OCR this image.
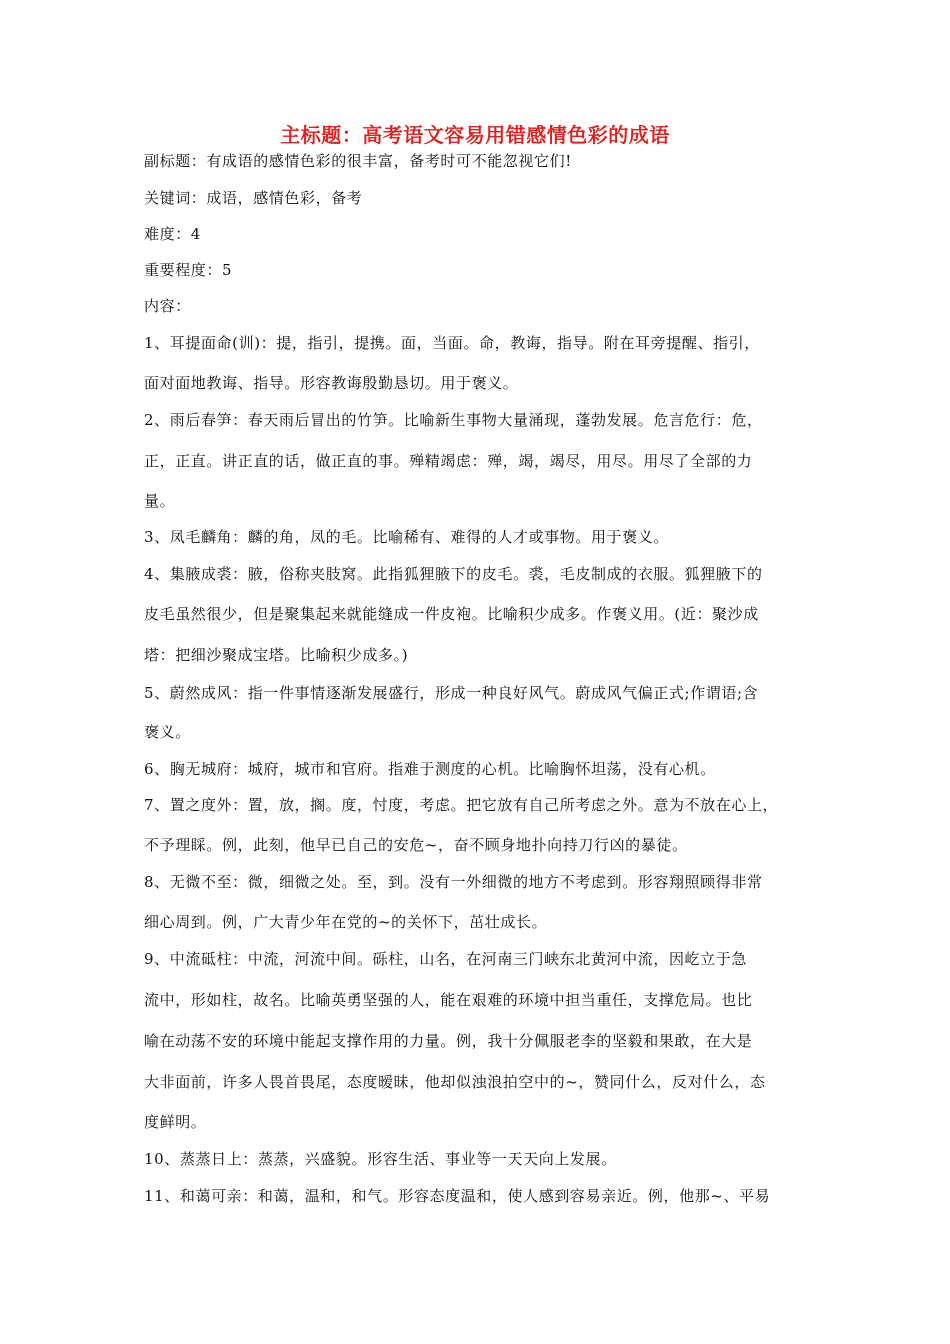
主标题：高考语文容易用错感情色彩的成语
副标题：有成语的感情色彩的很丰富，备考时可不能忽视它们!
关键词：成语，感情色彩，备考
难度：4
重要程度：5
内容：
1、耳提面命(训)：提，指引，提携。面，当面。命，教诲，指导。附在耳旁提醒、指引，
面对面地教诲、指导。形容教诲殷勤恳切。用于褒义。
2、雨后春笋：春天雨后冒出的竹笋。比喻新生事物大量涌现，蓬勃发展。危言危行：危，
正，正直。讲正直的话，做正直的事。殚精竭虑：殚，竭，竭尽，用尽。用尽了全部的力
量。
3、凤毛麟角：麟的角，凤的毛。比喻稀有、难得的人才或事物。用于褒义。
4、集腋成裘：腋，俗称夹肢窝。此指狐狸腋下的皮毛。裘，毛皮制成的衣服。狐狸腋下的
皮毛虽然很少，但是聚集起来就能缝成一件皮袍。比喻积少成多。作褒义用。(近：聚沙成
塔：把细沙聚成宝塔。比喻积少成多。)
5、蔚然成风：指一件事情逐渐发展盛行，形成一种良好风气。蔚成风气偏正式;作谓语;含
褒义。
6、胸无城府：城府，城市和官府。指难于测度的心机。比喻胸怀坦荡，没有心机。
7、置之度外：置，放，搁。度，忖度，考虑。把它放有自己所考虑之外。意为不放在心上，
不予理睬。例，此刻，他早已自己的安危~，奋不顾身地扑向持刀行凶的暴徒。
8、无微不至：微，细微之处。至，到。没有一外细微的地方不考虑到。形容翔照顾得非常
细心周到。例，广大青少年在党的~的关怀下，茁壮成长。
9、中流砥柱：中流，河流中间。砾柱，山名，在河南三门峡东北黄河中流，因屹立于急
流中，形如柱，故名。比喻英勇坚强的人，能在艰难的环境中担当重任，支撑危局。也比
喻在动荡不安的环境中能起支撑作用的力量。例，我十分佩服老李的坚毅和果敢，在大是
大非面前，许多人畏首畏尾，态度暧昧，他却似浊浪拍空中的~，赞同什么，反对什么，态
度鲜明。
10、蒸蒸日上：蒸蒸，兴盛貌。形容生活、事业等一天天向上发展。
11、和蔼可亲：和蔼，温和，和气。形容态度温和，使人感到容易亲近。例，他那~、平易
